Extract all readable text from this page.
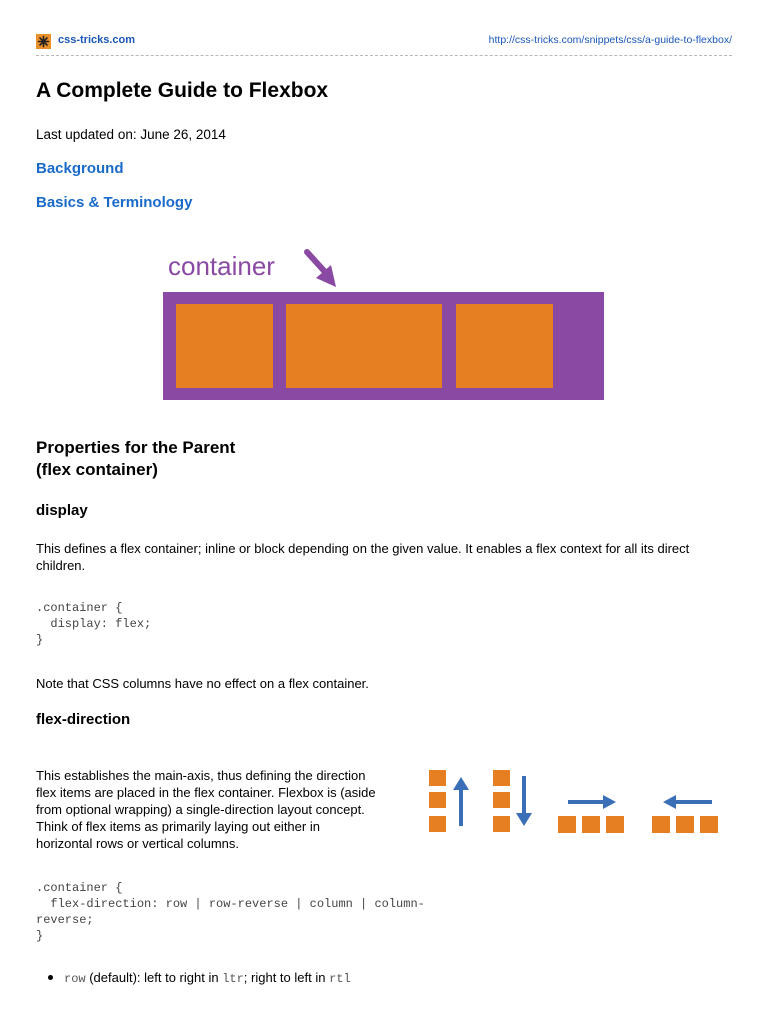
css-tricks.com	http://css-tricks.com/snippets/css/a-guide-to-flexbox/
A Complete Guide to Flexbox
Last updated on: June 26, 2014
Background
Basics & Terminology
container
Properties for the Parent
(flex container)
display
This defines a flex container; inline or block depending on the given value. It enables a flex context for all its direct
children.
.container {
display: flex;
}
Note that CSS columns have no effect on a flex container.
flex-direction
This establishes the main-axis, thus defining the direction
flex items are placed in the flex container. Flexbox is (aside
from optional wrapping) a single-direction layout concept.
Think of flex items as primarily laying out either in
horizontal rows or vertical columns.
.container {
flex-direction: row | row-reverse | column | column-
reverse;
}
row (default): left to right in ltr; right to left in rtl
